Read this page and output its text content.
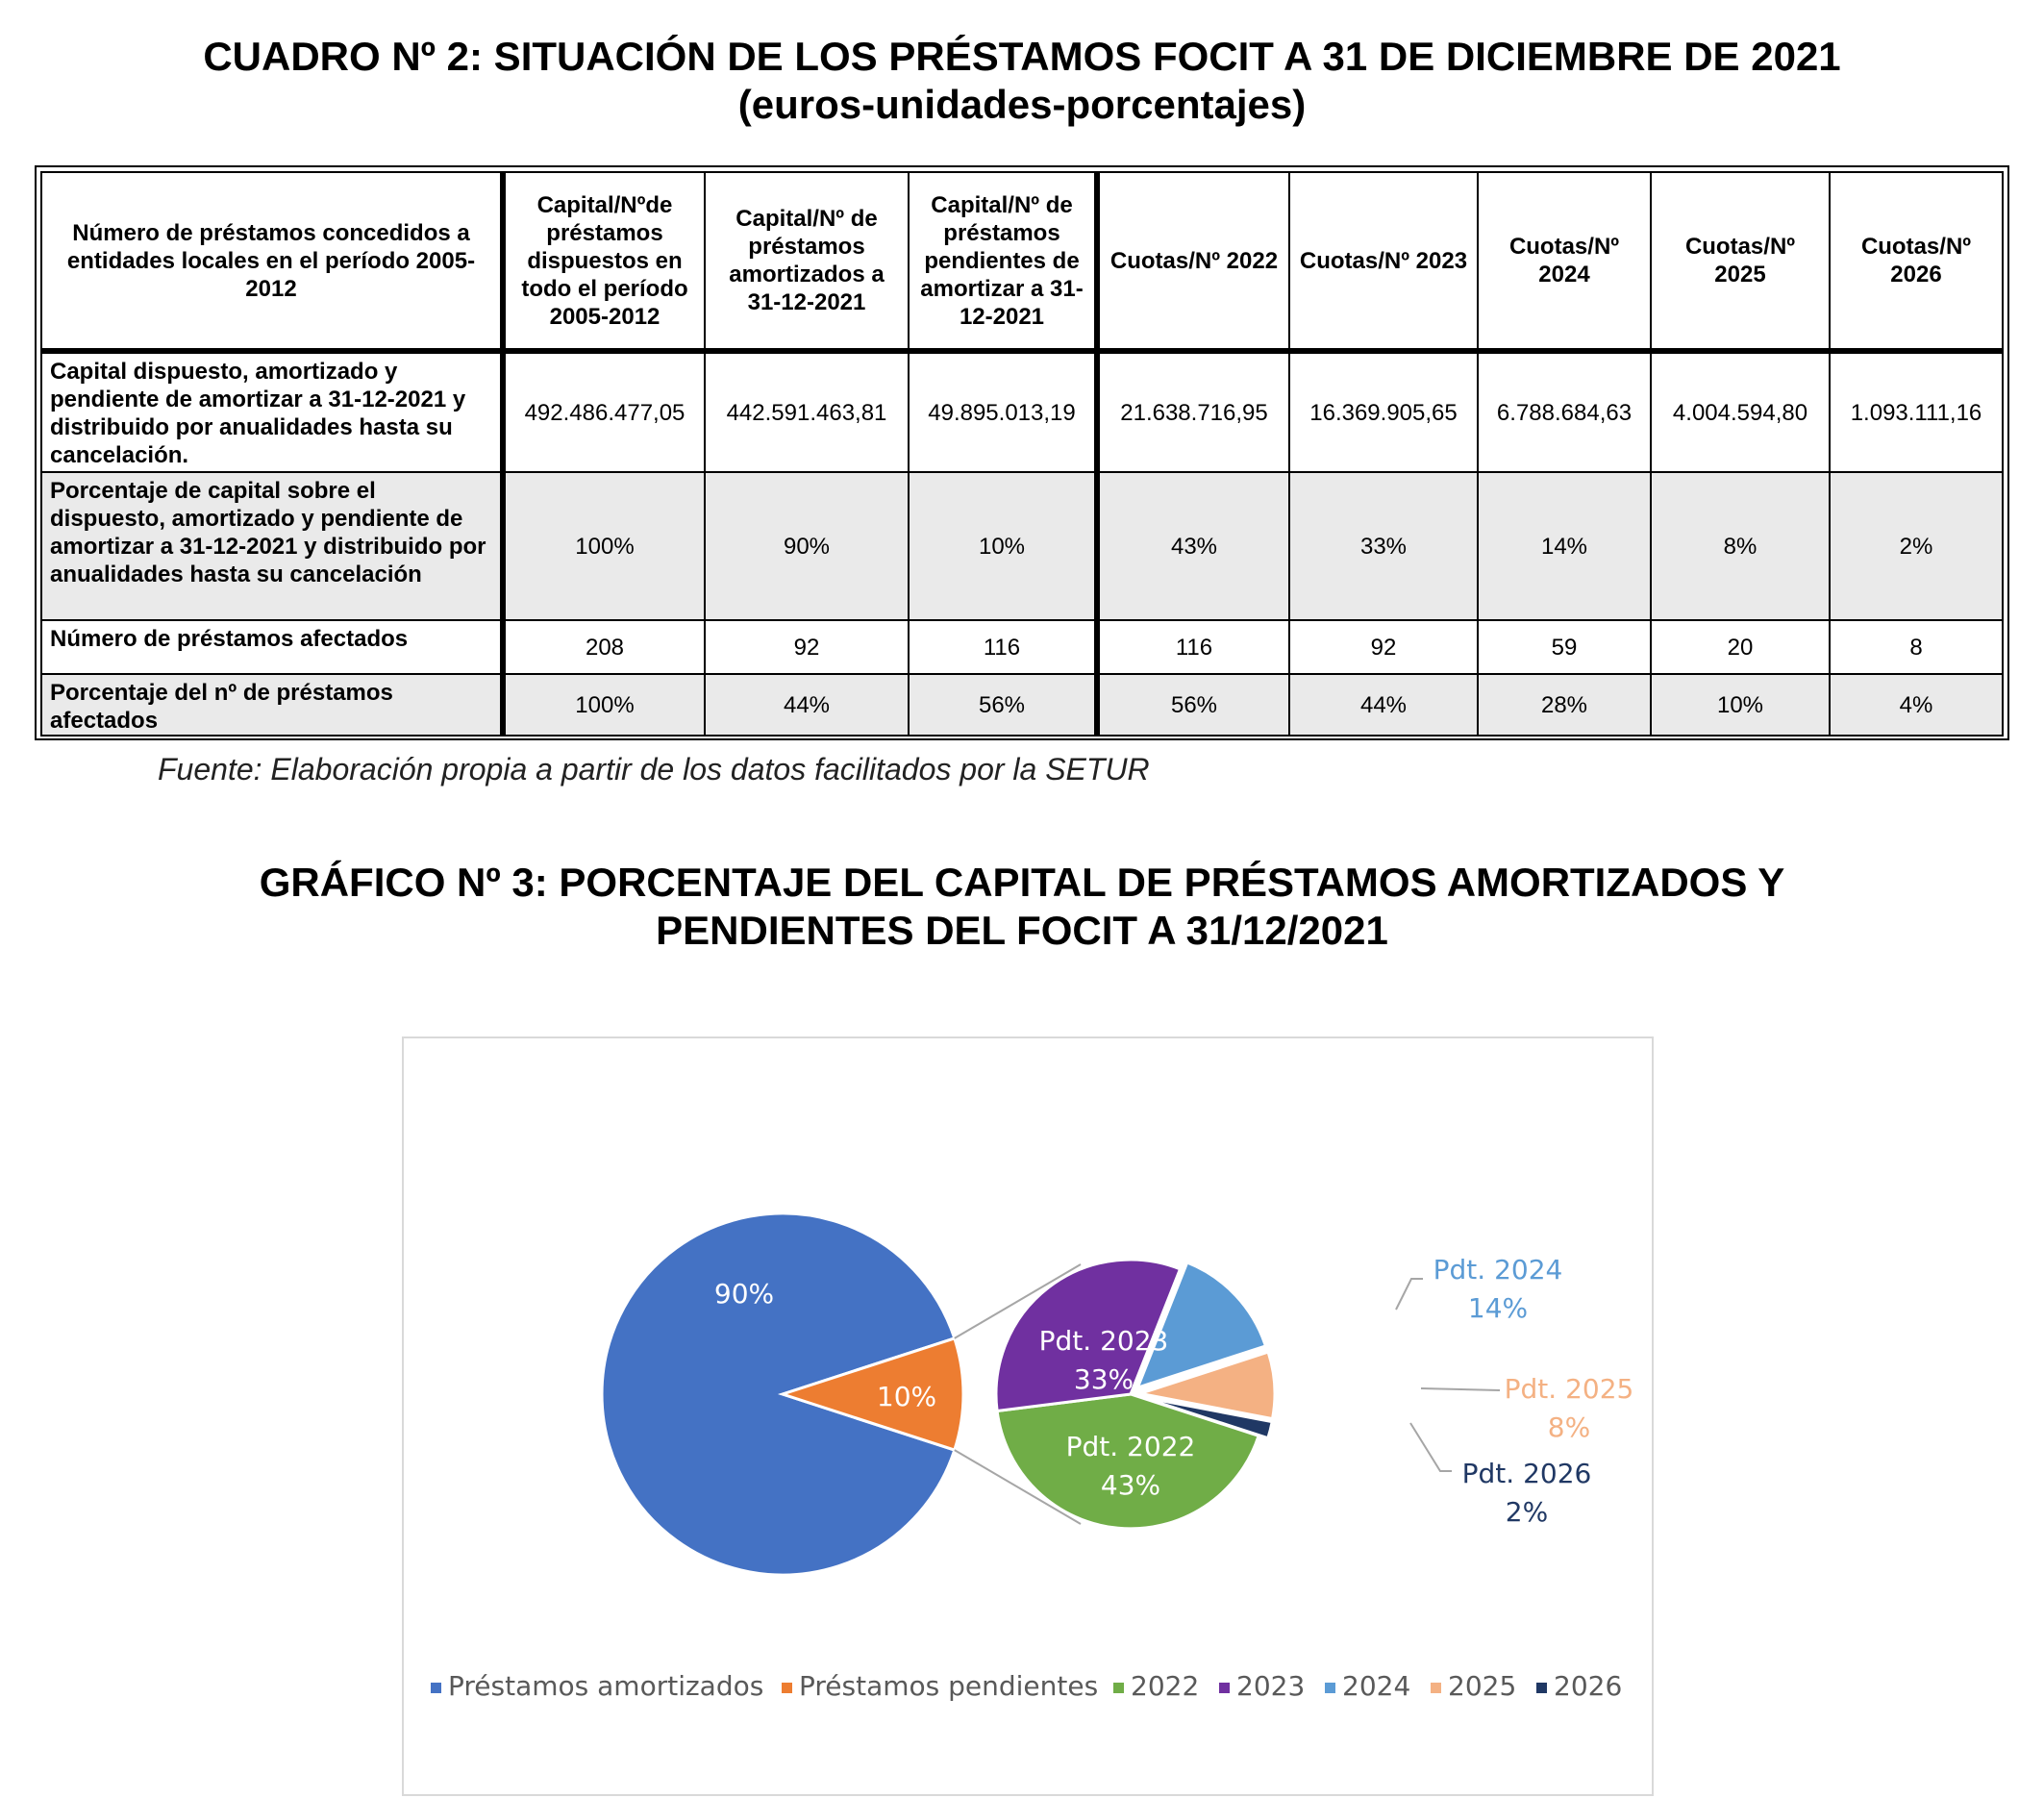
CUADRO Nº 2: SITUACIÓN DE LOS PRÉSTAMOS FOCIT A 31 DE DICIEMBRE DE 2021
(euros-unidades-porcentajes)
Número de préstamos concedidos a entidades locales en el período 2005-2012	Capital/Nºde préstamos dispuestos en todo el período 2005-2012	Capital/Nº de préstamos amortizados a 31-12-2021	Capital/Nº de préstamos pendientes de amortizar a 31-12-2021	Cuotas/Nº 2022	Cuotas/Nº 2023	Cuotas/Nº 2024	Cuotas/Nº 2025	Cuotas/Nº 2026
Capital dispuesto, amortizado y pendiente de amortizar a 31-12-2021 y distribuido por anualidades hasta su cancelación.	492.486.477,05	442.591.463,81	49.895.013,19	21.638.716,95	16.369.905,65	6.788.684,63	4.004.594,80	1.093.111,16
Porcentaje de capital sobre el dispuesto, amortizado y pendiente de amortizar a 31-12-2021 y distribuido por anualidades hasta su cancelación	100%	90%	10%	43%	33%	14%	8%	2%
Número de préstamos afectados	208	92	116	116	92	59	20	8
Porcentaje del nº de préstamos afectados	100%	44%	56%	56%	44%	28%	10%	4%
Fuente: Elaboración propia a partir de los datos facilitados por la SETUR
GRÁFICO Nº 3: PORCENTAJE DEL CAPITAL DE PRÉSTAMOS AMORTIZADOS Y
PENDIENTES DEL FOCIT A 31/12/2021
90%
10%
Pdt. 2022
43%
Pdt. 2023
33%
Pdt. 2024
14%
Pdt. 2025
8%
Pdt. 2026
2%
Préstamos amortizados Préstamos pendientes 2022 2023 2024 2025 2026
